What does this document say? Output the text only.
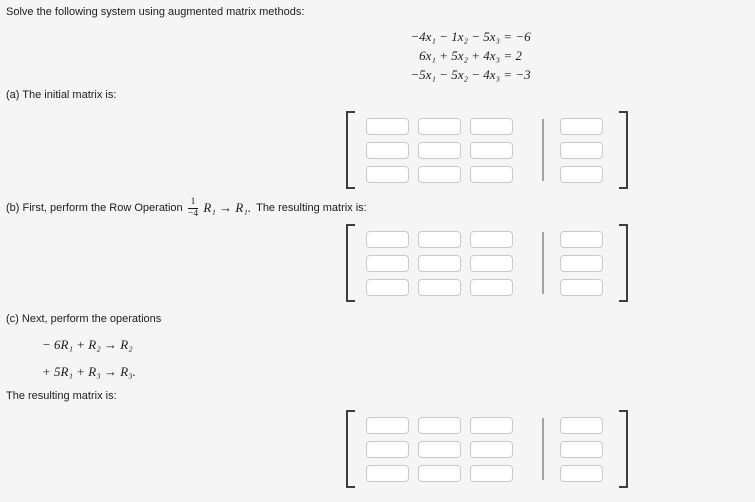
Solve the following system using augmented matrix methods:
−4x₁ − 1x₂ − 5x₃ = −6
6x₁ + 5x₂ + 4x₃ = 2
−5x₁ − 5x₂ − 4x₃ = −3
(a) The initial matrix is:
(b) First, perform the Row Operation $\frac{1}{-4} R_1 \to R_1$. The resulting matrix is:
(c) Next, perform the operations
− 6R₁ + R₂ → R₂
+ 5R₁ + R₃ → R₃.
The resulting matrix is:
